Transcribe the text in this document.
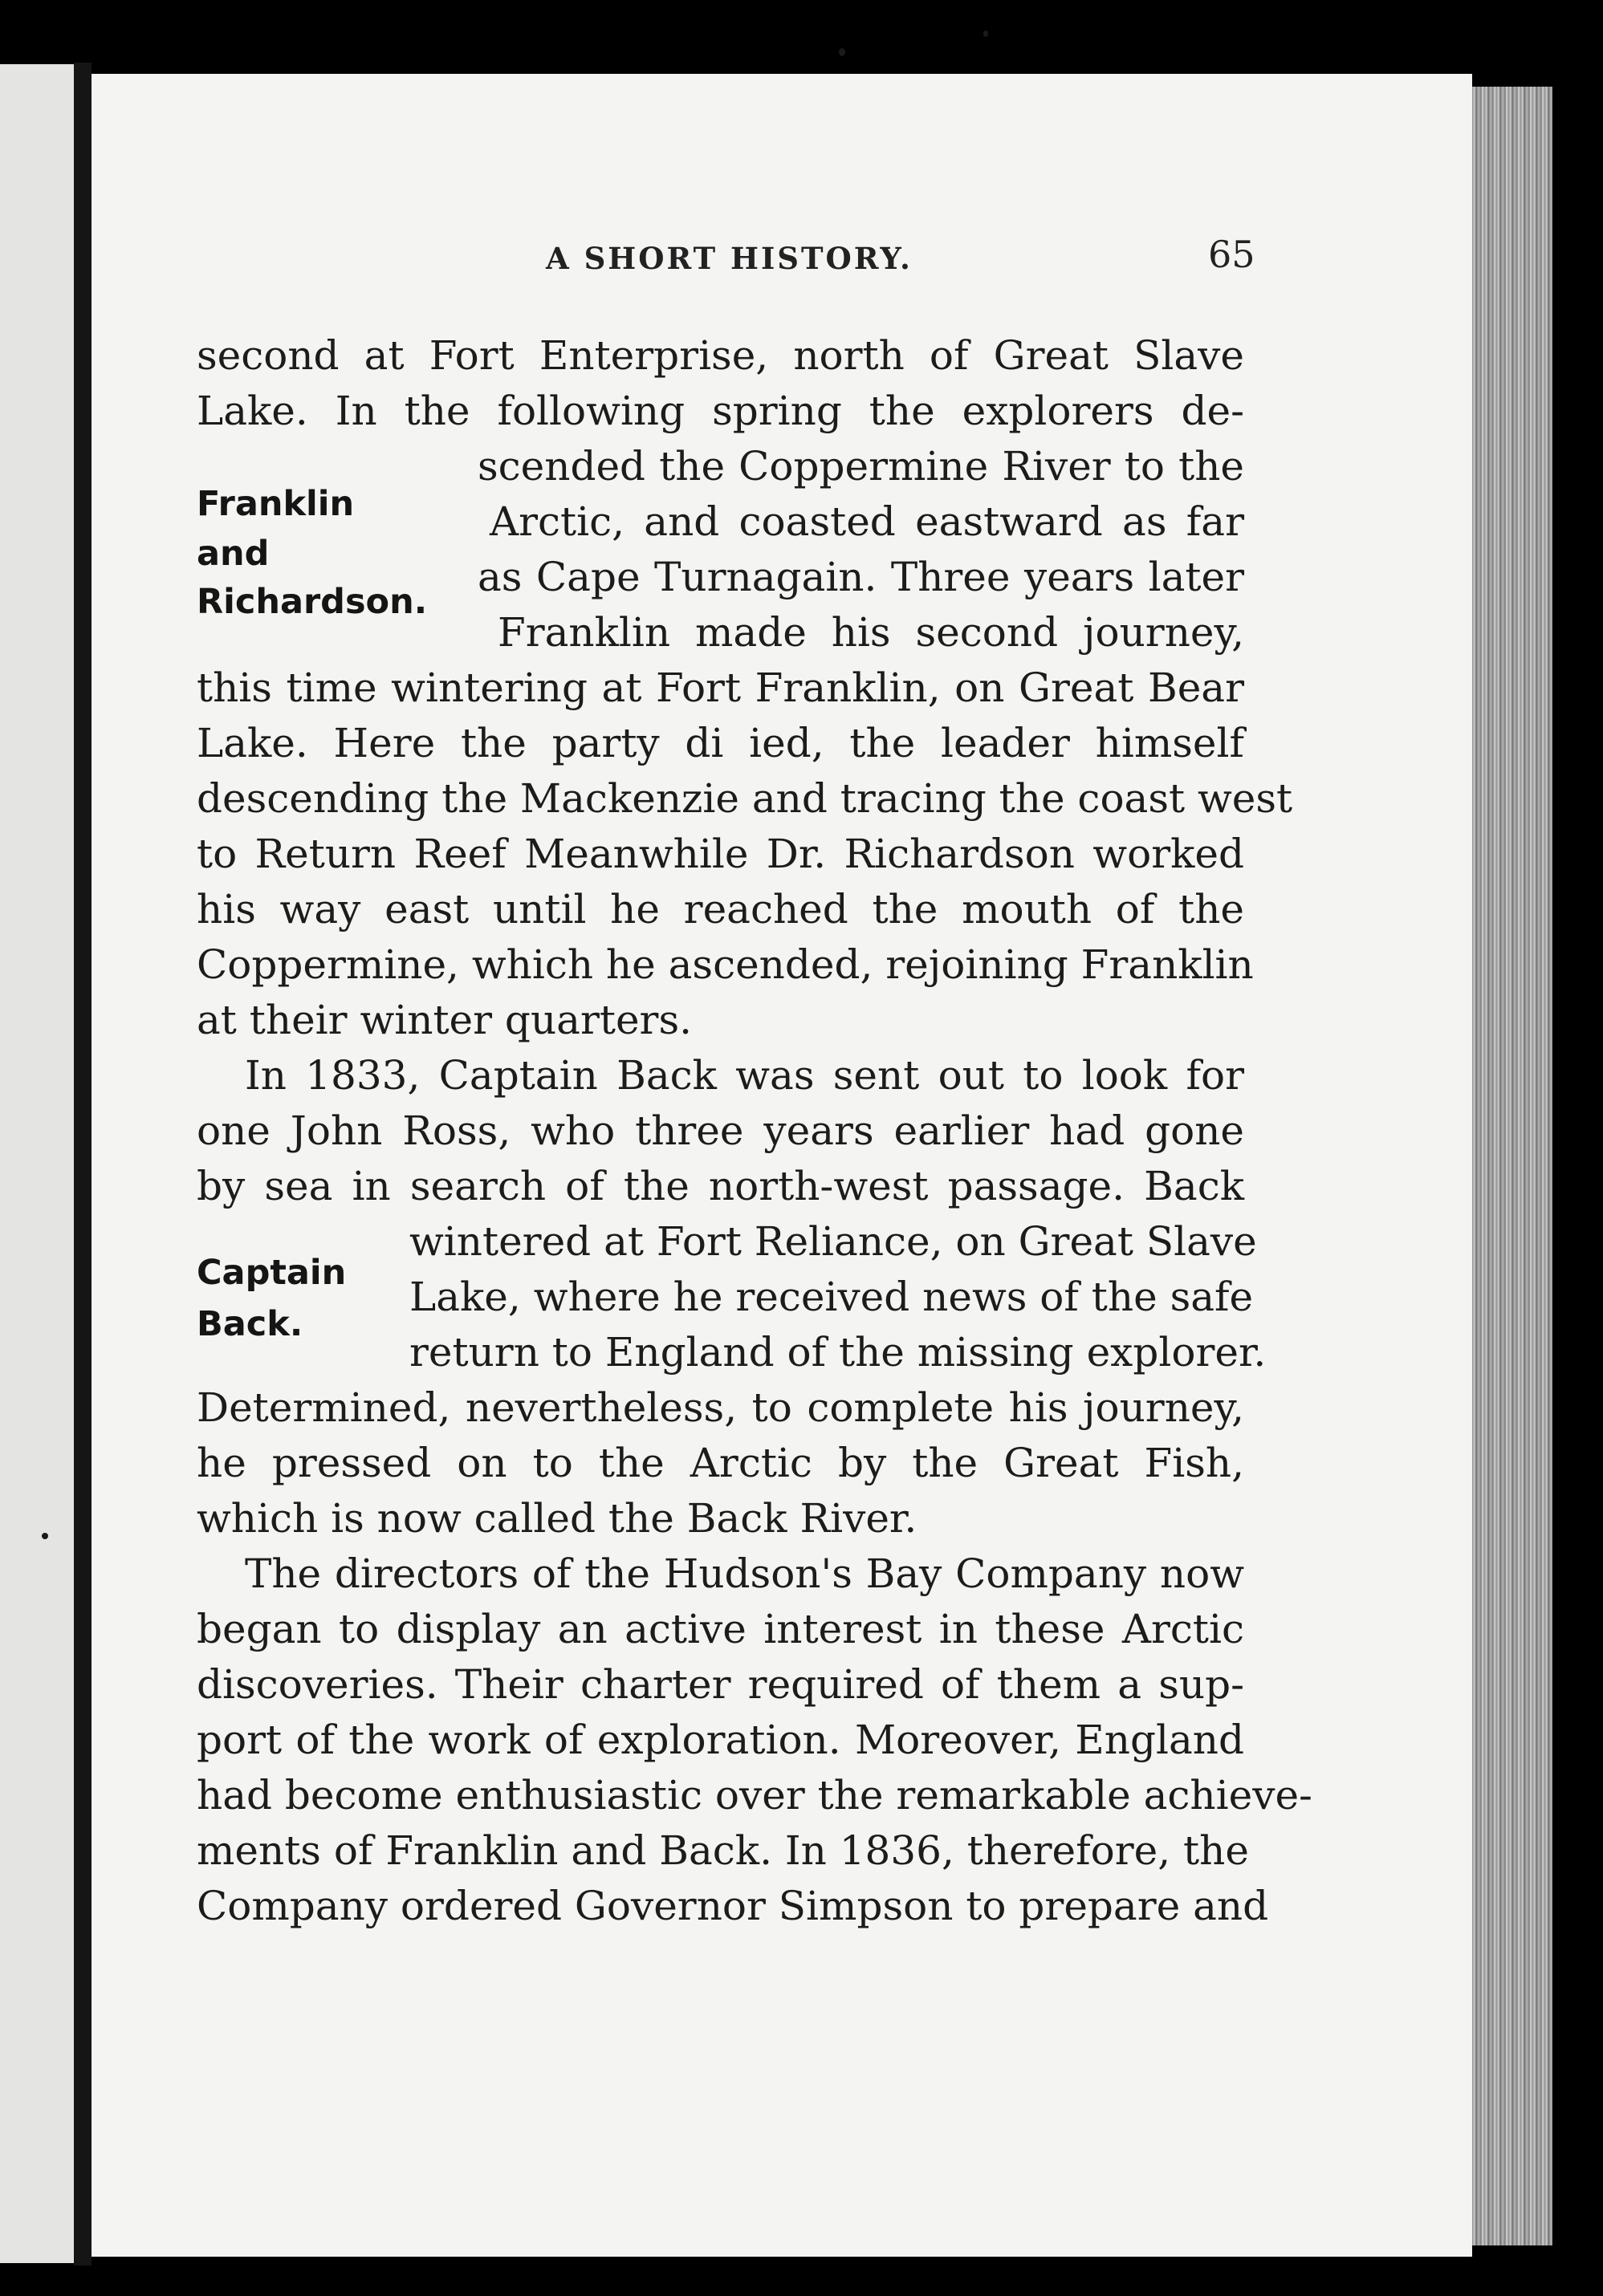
A SHORT HISTORY.	65
Franklin
and
Richardson.
Captain
Back.
second at Fort Enterprise, north of Great Slave
Lake. In the following spring the explorers de-
scended the Coppermine River to the
Arctic, and coasted eastward as far
as Cape Turnagain. Three years later
Franklin made his second journey,
this time wintering at Fort Franklin, on Great Bear
Lake. Here the party di ied, the leader himself
descending the Mackenzie and tracing the coast west
to Return Reef Meanwhile Dr. Richardson worked
his way east until he reached the mouth of the
Coppermine, which he ascended, rejoining Franklin
at their winter quarters.
In 1833, Captain Back was sent out to look for
one John Ross, who three years earlier had gone
by sea in search of the north-west passage. Back
wintered at Fort Reliance, on Great Slave
Lake, where he received news of the safe
return to England of the missing explorer.
Determined, nevertheless, to complete his journey,
he pressed on to the Arctic by the Great Fish,
which is now called the Back River.
The directors of the Hudson's Bay Company now
began to display an active interest in these Arctic
discoveries. Their charter required of them a sup-
port of the work of exploration. Moreover, England
had become enthusiastic over the remarkable achieve-
ments of Franklin and Back. In 1836, therefore, the
Company ordered Governor Simpson to prepare and
